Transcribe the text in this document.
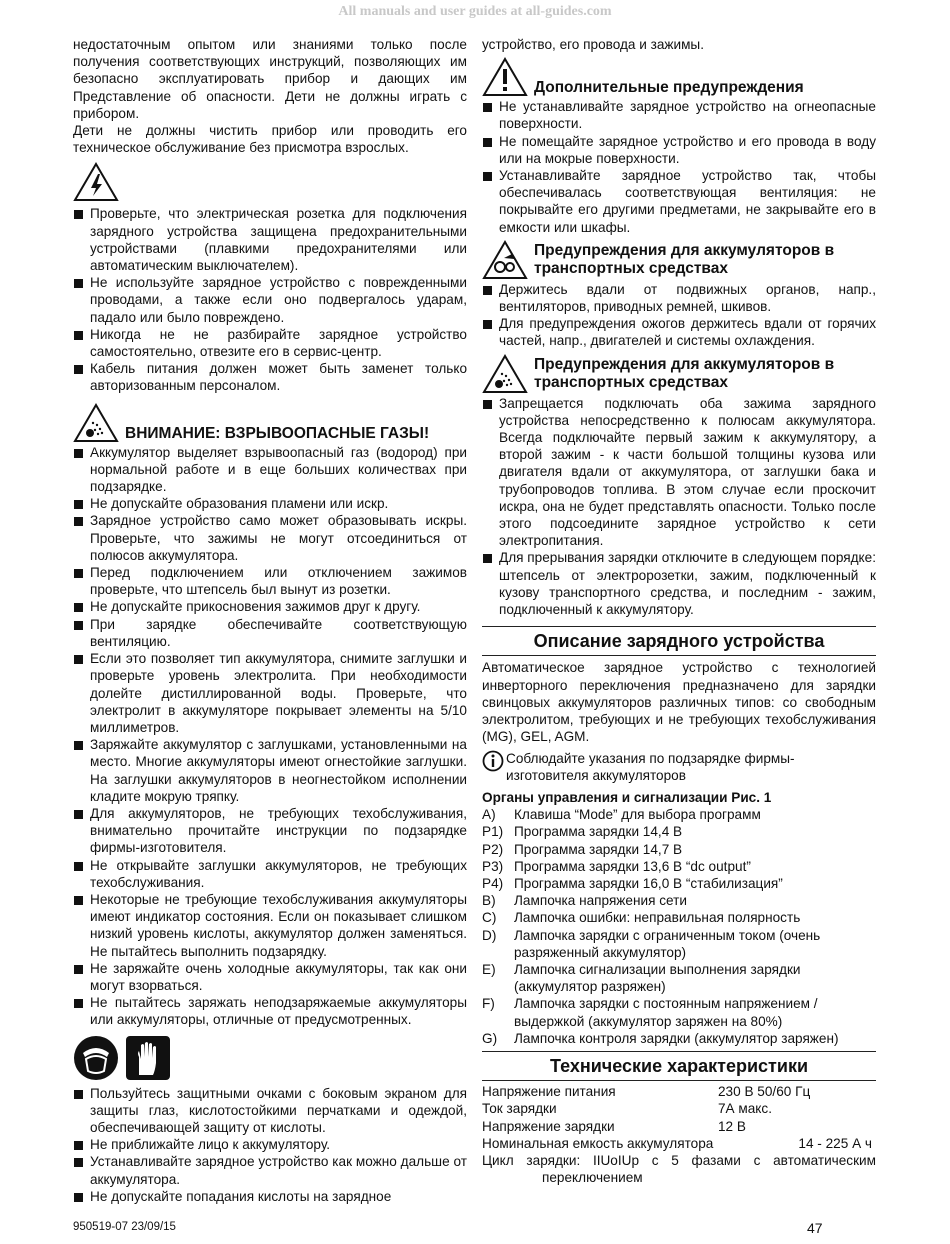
All manuals and user guides at all-guides.com

недостаточным опытом или знаниями только после получения соответствующих инструкций, позволяющих им безопасно эксплуатировать прибор и дающих им Представление об опасности. Дети не должны играть с прибором.

Дети не должны чистить прибор или проводить его техническое обслуживание без присмотра взрослых.

Проверьте, что электрическая розетка для подключения зарядного устройства защищена предохранительными устройствами (плавкими предохранителями или автоматическим выключателем).
Не используйте зарядное устройство с поврежденными проводами, а также если оно подвергалось ударам, падало или было повреждено.
Никогда не не разбирайте зарядное устройство самостоятельно, отвезите его в сервис-центр.
Кабель питания должен может быть заменет только авторизованным персоналом.
ВНИМАНИЕ: ВЗРЫВООПАСНЫЕ ГАЗЫ!
Аккумулятор выделяет взрывоопасный газ (водород) при нормальной работе и в еще больших количествах при подзарядке.
Не допускайте образования пламени или искр.
Зарядное устройство само может образовывать искры. Проверьте, что зажимы не могут отсоединиться от полюсов аккумулятора.
Перед подключением или отключением зажимов проверьте, что штепсель был вынут из розетки.
Не допускайте прикосновения зажимов друг к другу.
При зарядке обеспечивайте соответствующую вентиляцию.
Если это позволяет тип аккумулятора, снимите заглушки и проверьте уровень электролита. При необходимости долейте дистиллированной воды. Проверьте, что электролит в аккумуляторе покрывает элементы на 5/10 миллиметров.
Заряжайте аккумулятор с заглушками, установленными на место. Многие аккумуляторы имеют огнестойкие заглушки. На заглушки аккумуляторов в неогнестойком исполнении кладите мокрую тряпку.
Для аккумуляторов, не требующих техобслуживания, внимательно прочитайте инструкции по подзарядке фирмы-изготовителя.
Не открывайте заглушки аккумуляторов, не требующих техобслуживания.
Некоторые не требующие техобслуживания аккумуляторы имеют индикатор состояния. Если он показывает слишком низкий уровень кислоты, аккумулятор должен заменяться. Не пытайтесь выполнить подзарядку.
Не заряжайте очень холодные аккумуляторы, так как они могут взорваться.
Не пытайтесь заряжать неподзаряжаемые аккумуляторы или аккумуляторы, отличные от предусмотренных.
Пользуйтесь защитными очками с боковым экраном для защиты глаз, кислотостойкими перчатками и одеждой, обеспечивающей защиту от кислоты.
Не приближайте лицо к аккумулятору.
Устанавливайте зарядное устройство как можно дальше от аккумулятора.
Не допускайте попадания кислоты на зарядное

устройство, его провода и зажимы.

Дополнительные предупреждения
Не устанавливайте зарядное устройство на огнеопасные поверхности.
Не помещайте зарядное устройство и его провода в воду или на мокрые поверхности.
Устанавливайте зарядное устройство так, чтобы обеспечивалась соответствующая вентиляция: не покрывайте его другими предметами, не закрывайте его в емкости или шкафы.
Предупреждения для аккумуляторов в транспортных средствах
Держитесь вдали от подвижных органов, напр., вентиляторов, приводных ремней, шкивов.
Для предупреждения ожогов держитесь вдали от горячих частей, напр., двигателей и системы охлаждения.
Предупреждения для аккумуляторов в транспортных средствах
Запрещается подключать оба зажима зарядного устройства непосредственно к полюсам аккумулятора. Всегда подключайте первый зажим к аккумулятору, а второй зажим - к части большой толщины кузова или двигателя вдали от аккумулятора, от заглушки бака и трубопроводов топлива. В этом случае если проскочит искра, она не будет представлять опасности. Только после этого подсоедините зарядное устройство к сети электропитания.
Для прерывания зарядки отключите в следующем порядке: штепсель от электророзетки, зажим, подключенный к кузову транспортного средства, и последним - зажим, подключенный к аккумулятору.
Описание зарядного устройства

Автоматическое зарядное устройство с технологией инверторного переключения предназначено для зарядки свинцовых аккумуляторов различных типов: со свободным электролитом, требующих и не требующих техобслуживания (MG), GEL, AGM.

Соблюдайте указания по подзарядке фирмы-изготовителя аккумуляторов
Органы управления и сигнализации Рис. 1
A)	Клавиша “Mode” для выбора программ
P1) Программа зарядки 14,4 В
P2) Программа зарядки 14,7 В
P3) Программа зарядки 13,6 В “dc output”
P4) Программа зарядки 16,0 В “стабилизация”
B)	Лампочка напряжения сети
C)	Лампочка ошибки: неправильная полярность
D)	Лампочка зарядки с ограниченным током (очень разряженный аккумулятор)
E)	Лампочка сигнализации выполнения зарядки (аккумулятор разряжен)
F)	Лампочка зарядки с постоянным напряжением / выдержкой (аккумулятор заряжен на 80%)
G)	Лампочка контроля зарядки (аккумулятор заряжен)
Технические характеристики
Напряжение питания	230 В 50/60 Гц
Ток зарядки	7А макс.
Напряжение зарядки	12 В
Номинальная емкость аккумулятора	14 - 225 А ч

Цикл зарядки: IIUoIUp с 5 фазами с автоматическим переключением

950519-07 23/09/15	47
